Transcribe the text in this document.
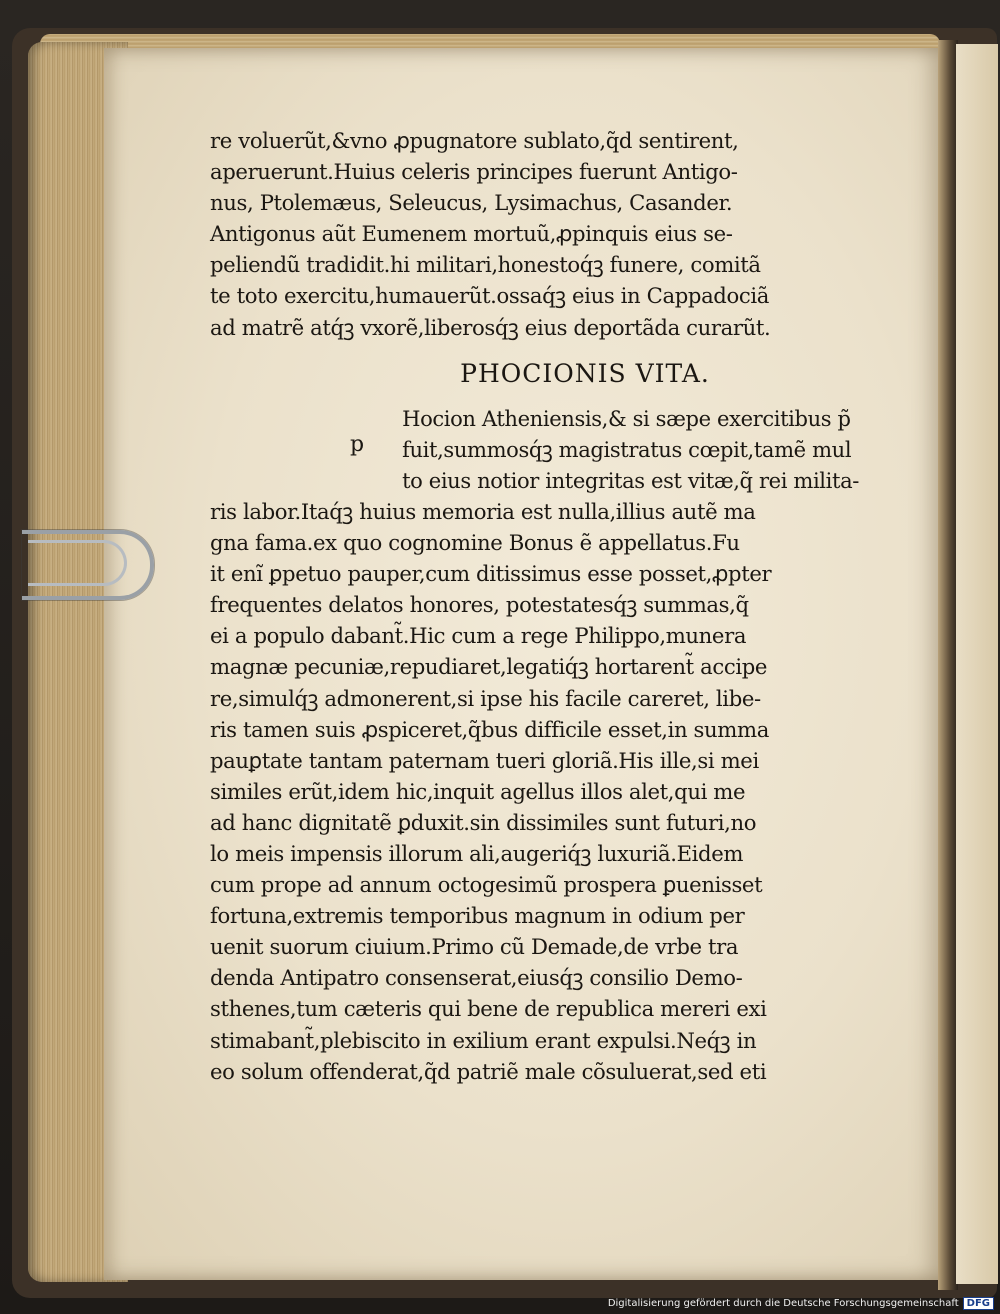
re voluerũt,&vno ꝓpugnatore sublato,q̃d sentirent,
aperuerunt.Huius celeris principes fuerunt Antigo-
nus, Ptolemæus, Seleucus, Lysimachus, Casander.
Antigonus aũt Eumenem mortuũ,ꝓpinquis eius se-
peliendũ tradidit.hi militari,honestoq́ꝫ funere, comitã
te toto exercitu,humauerũt.ossaq́ꝫ eius in Cappadociã
ad matrẽ atq́ꝫ vxorẽ,liberosq́ꝫ eius deportãda curarũt.
PHOCIONIS VITA.
Hocion Atheniensis,& si sæpe exercitibus p̃
fuit,summosq́ꝫ magistratus cœpit,tamẽ mul
to eius notior integritas est vitæ,q̃ rei milita-
ris labor.Itaq́ꝫ huius memoria est nulla,illius autẽ ma
gna fama.ex quo cognomine Bonus ẽ appellatus.Fu
it enĩ ꝑpetuo pauper,cum ditissimus esse posset,ꝓpter
frequentes delatos honores, potestatesq́ꝫ summas,q̃
ei a populo dabant̃.Hic cum a rege Philippo,munera
magnæ pecuniæ,repudiaret,legatiq́ꝫ hortarent̃ accipe
re,simulq́ꝫ admonerent,si ipse his facile careret, libe-
ris tamen suis ꝓspiceret,q̃bus difficile esset,in summa
pauꝑtate tantam paternam tueri gloriã.His ille,si mei
similes erũt,idem hic,inquit agellus illos alet,qui me
ad hanc dignitatẽ ꝑduxit.sin dissimiles sunt futuri,no
lo meis impensis illorum ali,augeriq́ꝫ luxuriã.Eidem
cum prope ad annum octogesimũ prospera ꝑuenisset
fortuna,extremis temporibus magnum in odium per
uenit suorum ciuium.Primo cũ Demade,de vrbe tra
denda Antipatro consenserat,eiusq́ꝫ consilio Demo-
sthenes,tum cæteris qui bene de republica mereri exi
stimabant̃,plebiscito in exilium erant expulsi.Neq́ꝫ in
eo solum offenderat,q̃d patriẽ male cõsuluerat,sed eti
p
Digitalisierung gefördert durch die Deutsche Forschungsgemeinschaft DFG
